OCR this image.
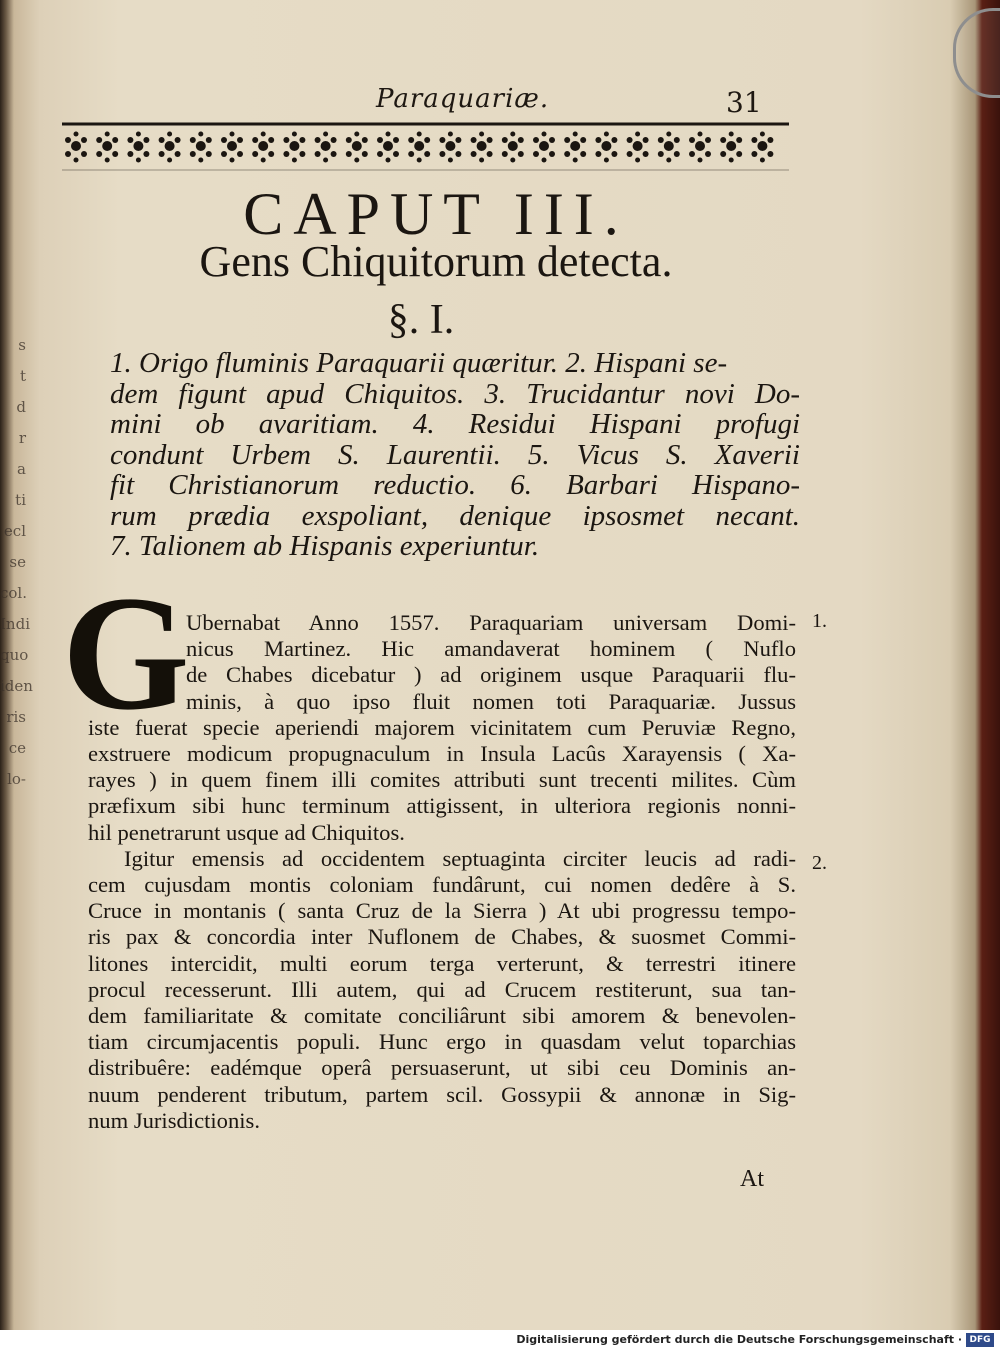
s
t
d
r
a
ti
ecl
se
col.
Indi
quo
iden
ris
ce
lo-
Paraquariæ.	31
CAPUT III.
Gens Chiquitorum detecta.
§. I.
1. Origo fluminis Paraquarii quæritur. 2. Hispani se-
dem figunt apud Chiquitos. 3. Trucidantur novi Do-
mini ob avaritiam. 4. Residui Hispani profugi
condunt Urbem S. Laurentii. 5. Vicus S. Xaverii
fit Christianorum reductio. 6. Barbari Hispano-
rum prædia exspoliant, denique ipsosmet necant.
7. Talionem ab Hispanis experiuntur.
G
Ubernabat Anno 1557. Paraquariam universam Domi-
nicus Martinez. Hic amandaverat hominem ( Nuflo
de Chabes dicebatur ) ad originem usque Paraquarii flu-
minis, à quo ipso fluit nomen toti Paraquariæ. Jussus
iste fuerat specie aperiendi majorem vicinitatem cum Peruviæ Regno,
exstruere modicum propugnaculum in Insula Lacûs Xarayensis ( Xa-
rayes ) in quem finem illi comites attributi sunt trecenti milites. Cùm
præfixum sibi hunc terminum attigissent, in ulteriora regionis nonni-
hil penetrarunt usque ad Chiquitos.
Igitur emensis ad occidentem septuaginta circiter leucis ad radi-
cem cujusdam montis coloniam fundârunt, cui nomen dedêre à S.
Cruce in montanis ( santa Cruz de la Sierra ) At ubi progressu tempo-
ris pax & concordia inter Nuflonem de Chabes, & suosmet Commi-
litones intercidit, multi eorum terga verterunt, & terrestri itinere
procul recesserunt. Illi autem, qui ad Crucem restiterunt, sua tan-
dem familiaritate & comitate conciliârunt sibi amorem & benevolen-
tiam circumjacentis populi. Hunc ergo in quasdam velut toparchias
distribuêre: eadémque operâ persuaserunt, ut sibi ceu Dominis an-
nuum penderent tributum, partem scil. Gossypii & annonæ in Sig-
num Jurisdictionis.
1.
2.
At
Digitalisierung gefördert durch die Deutsche Forschungsgemeinschaft · DFG
